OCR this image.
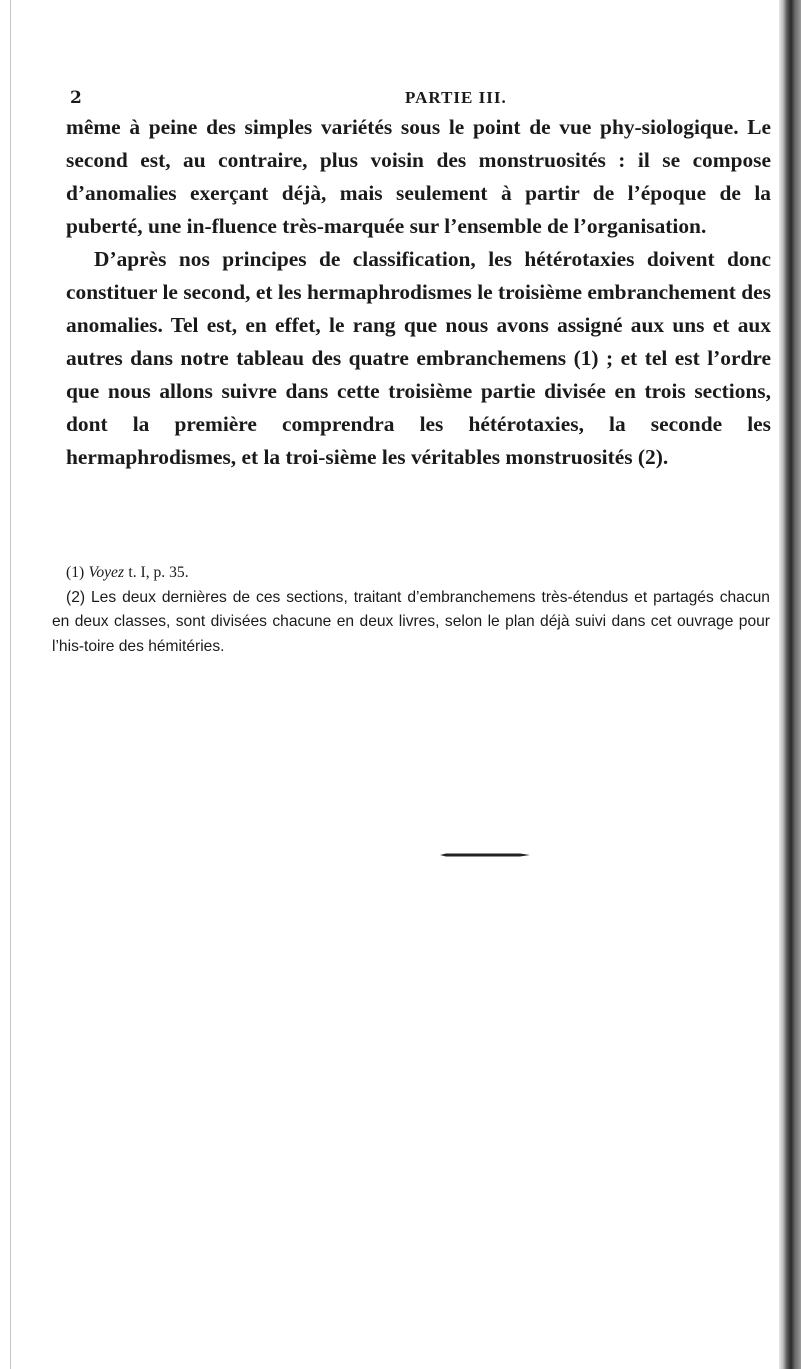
2	PARTIE III.

même à peine des simples variétés sous le point de vue phy-siologique. Le second est, au contraire, plus voisin des monstruosités : il se compose d’anomalies exerçant déjà, mais seulement à partir de l’époque de la puberté, une in-fluence très-marquée sur l’ensemble de l’organisation.

D’après nos principes de classification, les hétérotaxies doivent donc constituer le second, et les hermaphrodismes le troisième embranchement des anomalies. Tel est, en effet, le rang que nous avons assigné aux uns et aux autres dans notre tableau des quatre embranchemens (1) ; et tel est l’ordre que nous allons suivre dans cette troisième partie divisée en trois sections, dont la première comprendra les hétérotaxies, la seconde les hermaphrodismes, et la troi-sième les véritables monstruosités (2).

(1) Voyez t. I, p. 35.

(2) Les deux dernières de ces sections, traitant d’embranchemens très-étendus et partagés chacun en deux classes, sont divisées chacune en deux livres, selon le plan déjà suivi dans cet ouvrage pour l’his-toire des hémitéries.
